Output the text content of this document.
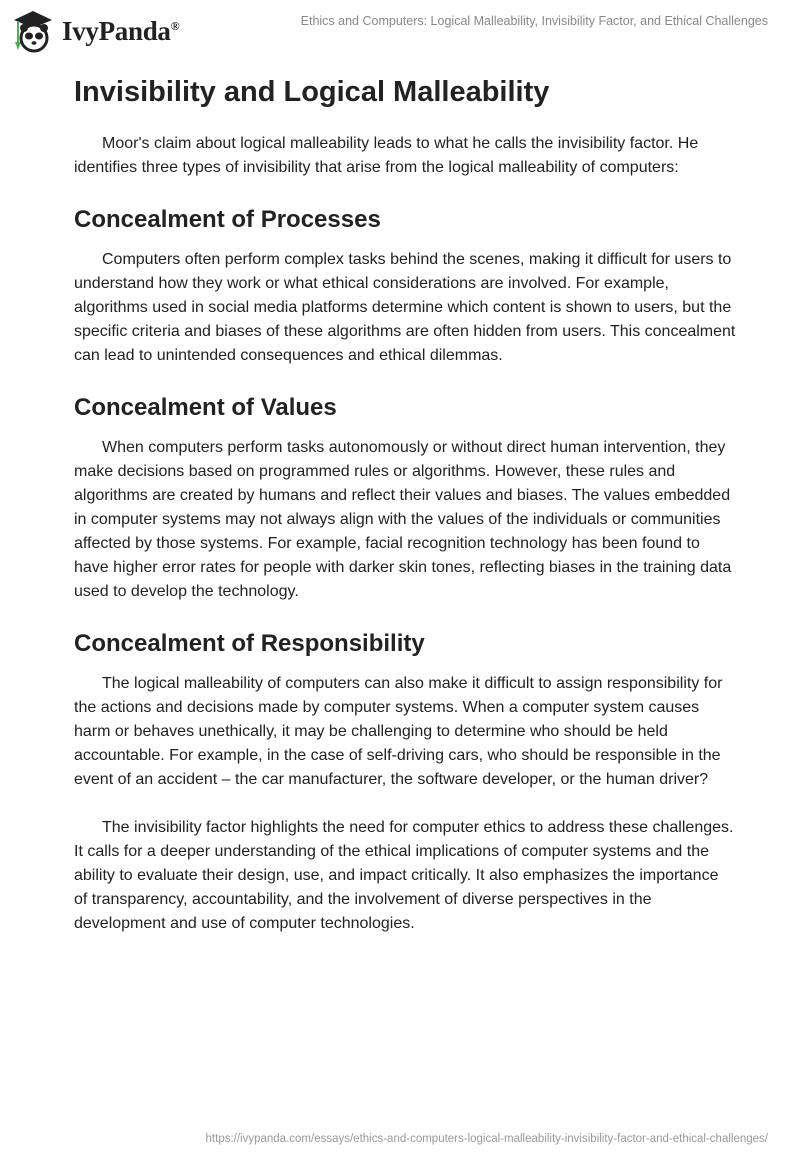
IvyPanda®	Ethics and Computers: Logical Malleability, Invisibility Factor, and Ethical Challenges
Invisibility and Logical Malleability

Moor's claim about logical malleability leads to what he calls the invisibility factor. He identifies three types of invisibility that arise from the logical malleability of computers:

Concealment of Processes

Computers often perform complex tasks behind the scenes, making it difficult for users to understand how they work or what ethical considerations are involved. For example, algorithms used in social media platforms determine which content is shown to users, but the specific criteria and biases of these algorithms are often hidden from users. This concealment can lead to unintended consequences and ethical dilemmas.

Concealment of Values

When computers perform tasks autonomously or without direct human intervention, they make decisions based on programmed rules or algorithms. However, these rules and algorithms are created by humans and reflect their values and biases. The values embedded in computer systems may not always align with the values of the individuals or communities affected by those systems. For example, facial recognition technology has been found to have higher error rates for people with darker skin tones, reflecting biases in the training data used to develop the technology.

Concealment of Responsibility

The logical malleability of computers can also make it difficult to assign responsibility for the actions and decisions made by computer systems. When a computer system causes harm or behaves unethically, it may be challenging to determine who should be held accountable. For example, in the case of self-driving cars, who should be responsible in the event of an accident – the car manufacturer, the software developer, or the human driver?

The invisibility factor highlights the need for computer ethics to address these challenges. It calls for a deeper understanding of the ethical implications of computer systems and the ability to evaluate their design, use, and impact critically. It also emphasizes the importance of transparency, accountability, and the involvement of diverse perspectives in the development and use of computer technologies.

https://ivypanda.com/essays/ethics-and-computers-logical-malleability-invisibility-factor-and-ethical-challenges/
